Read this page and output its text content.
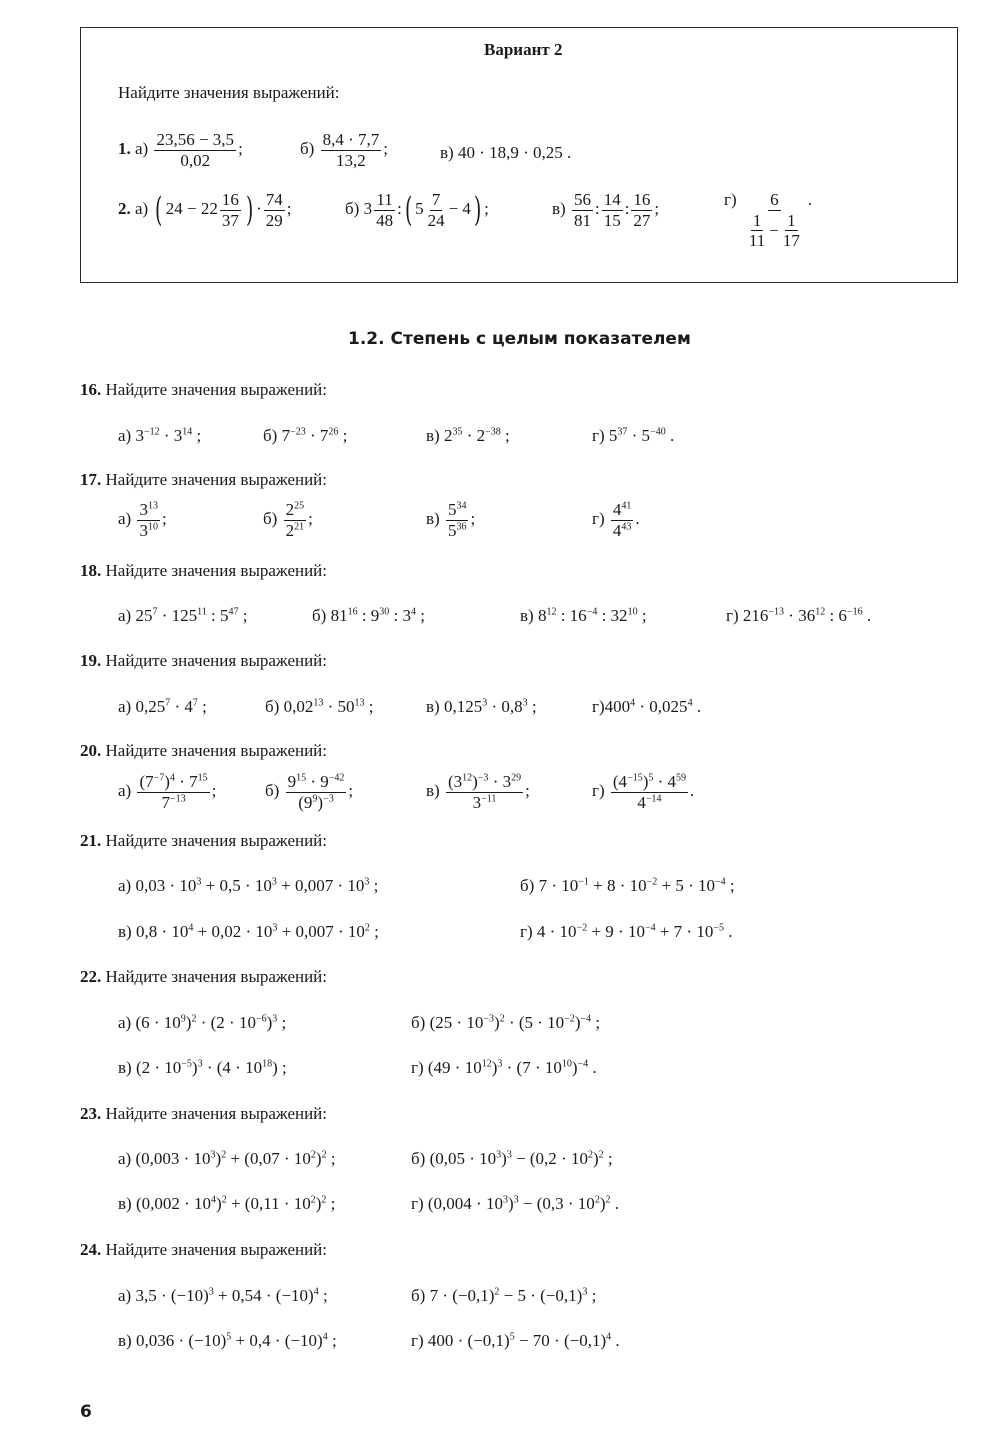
Вариант 2
Найдите значения выражений:
1. $а) \frac{23,56 - 3,5}{0,02}$ ;	$б) \frac{8,4 \cdot 7,7}{13,2}$ ;	в) 40 · 18,9 · 0,25 .
2. а) ( $24 - 22 \frac{16}{37}$ ) · $\frac{74}{29}$ ;	б) $3 \frac{11}{48}$ :( $5 \frac{7}{24} - 4$) ;	$в) \frac{56}{81}$ : $\frac{14}{15}$ : $\frac{16}{27}$ ;	$г) \frac{6}{\frac{1}{11} - \frac{1}{17}}$ .
1.2. Степень с целым показателем
16. Найдите значения выражений:
а) $3^{-12} \cdot 3^{14}$ ;	б) $7^{-23} \cdot 7^{26}$ ;	в) $2^{35} \cdot 2^{-38}$ ;	г) $5^{37} \cdot 5^{-40}$ .
17. Найдите значения выражений:
$а) \frac{3^{13}}{3^{10}}$ ;	$б) \frac{2^{25}}{2^{21}}$ ;	$в) \frac{5^{34}}{5^{36}}$ ;	$г) \frac{4^{41}}{4^{43}}$ .
18. Найдите значения выражений:
а) $25^7 \cdot 125^{11}$ : $5^{47}$ ;	б) $81^{16}$ : $9^{30}$ : $3^4$ ;	в) $8^{12}$ : $16^{-4}$ : $32^{10}$ ;	г) $216^{-13} \cdot 36^{12}$ : $6^{-16}$ .
19. Найдите значения выражений:
а) $0,25^7 \cdot 4^7$ ;	б) $0,02^{13} \cdot 50^{13}$ ;	в) $0,125^3 \cdot 0,8^3$ ;	$г)400^4 \cdot 0,025^4$ .
20. Найдите значения выражений:
$а) \frac{(7^{-7})^4 \cdot 7^{15}}{7^{-13}}$ ;	$б) \frac{9^{15} \cdot 9^{-42}}{(9^9)^{-3}}$ ;	$в) \frac{(3^{12})^{-3} \cdot 3^{29}}{3^{-11}}$ ;	$г) \frac{(4^{-15})^5 \cdot 4^{59}}{4^{-14}}$ .
21. Найдите значения выражений:
а) $0,03 \cdot 10^3 + 0,5 \cdot 10^3 + 0,007 \cdot 10^3$ ;	б) $7 \cdot 10^{-1} + 8 \cdot 10^{-2} + 5 \cdot 10^{-4}$ ;
в) $0,8 \cdot 10^4 + 0,02 \cdot 10^3 + 0,007 \cdot 10^2$ ;	г) $4 \cdot 10^{-2} + 9 \cdot 10^{-4} + 7 \cdot 10^{-5}$ .
22. Найдите значения выражений:
а) $(6 \cdot 10^9)^2 \cdot (2 \cdot 10^{-6})^3$ ;	б) $(25 \cdot 10^{-3})^2 \cdot (5 \cdot 10^{-2})^{-4}$ ;
в) $(2 \cdot 10^{-5})^3 \cdot (4 \cdot 10^{18})$ ;	г) $(49 \cdot 10^{12})^3 \cdot (7 \cdot 10^{10})^{-4}$ .
23. Найдите значения выражений:
а) $(0,003 \cdot 10^3)^2 + (0,07 \cdot 10^2)^2$ ;	б) $(0,05 \cdot 10^3)^3 - (0,2 \cdot 10^2)^2$ ;
в) $(0,002 \cdot 10^4)^2 + (0,11 \cdot 10^2)^2$ ;	г) $(0,004 \cdot 10^3)^3 - (0,3 \cdot 10^2)^2$ .
24. Найдите значения выражений:
а) $3,5 \cdot (-10)^3 + 0,54 \cdot (-10)^4$ ;	б) $7 \cdot (-0,1)^2 - 5 \cdot (-0,1)^3$ ;
в) $0,036 \cdot (-10)^5 + 0,4 \cdot (-10)^4$ ;	г) $400 \cdot (-0,1)^5 - 70 \cdot (-0,1)^4$ .
6
